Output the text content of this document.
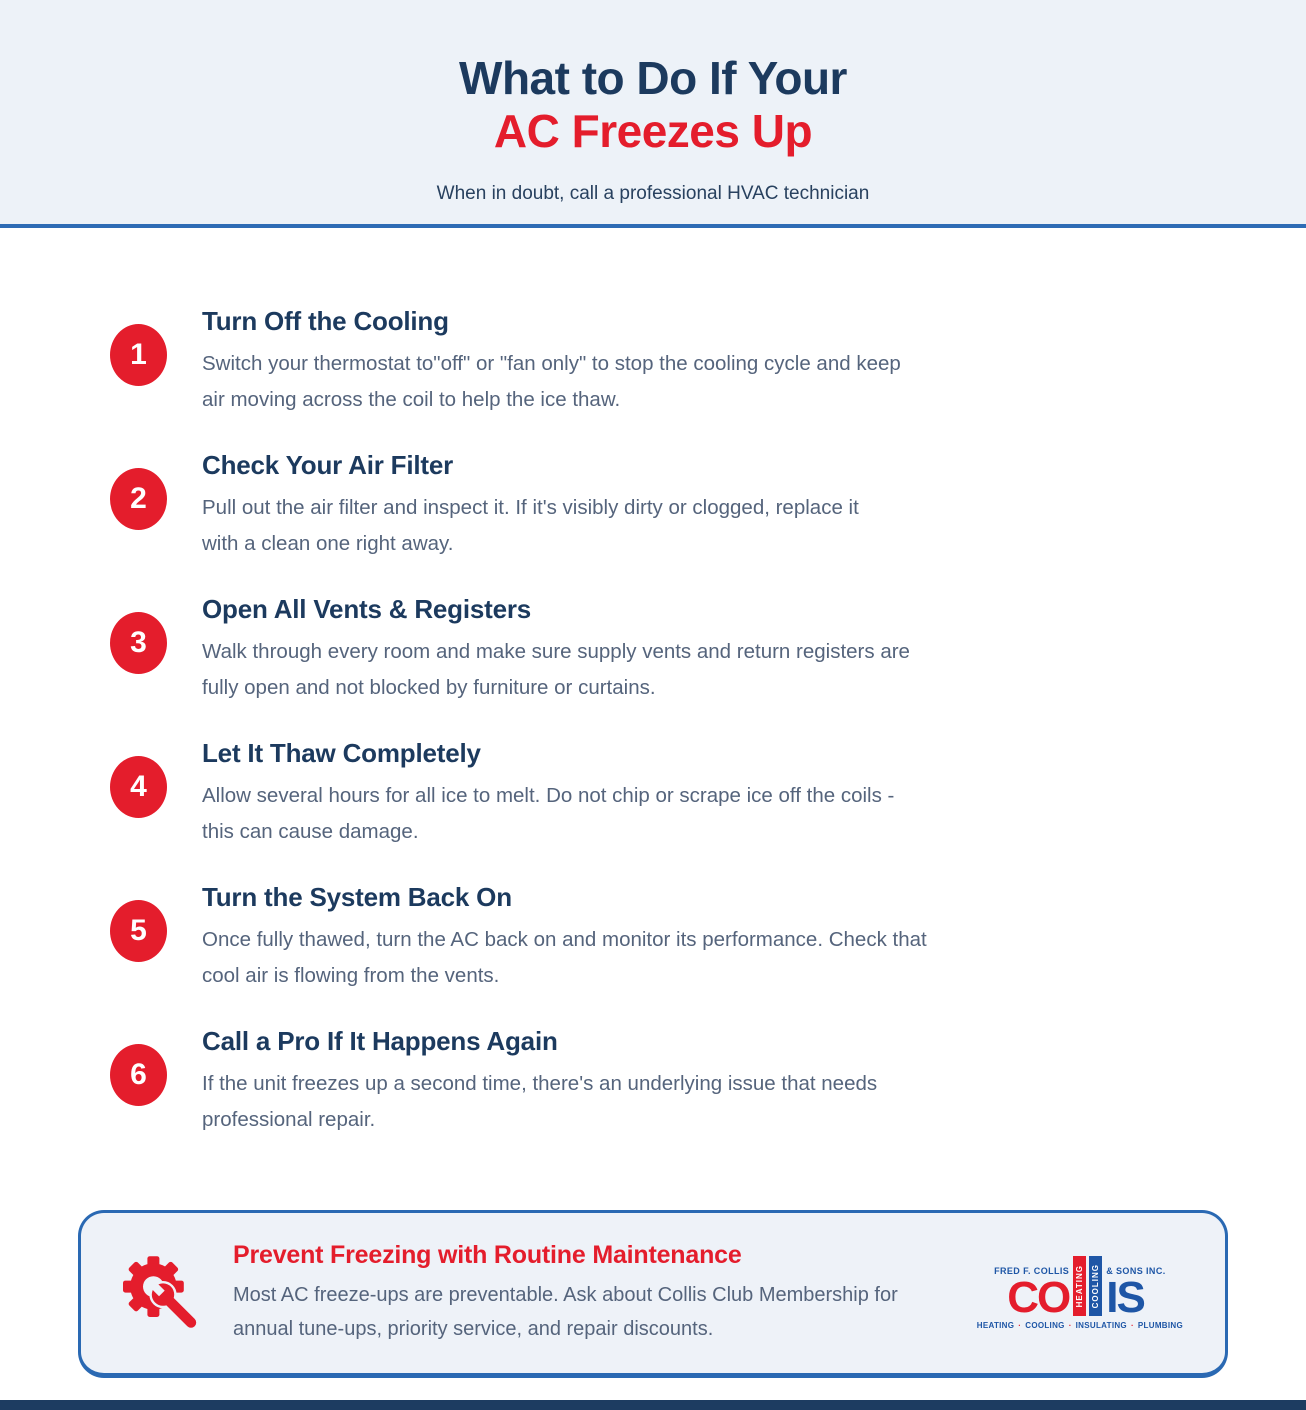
What to Do If Your
AC Freezes Up

When in doubt, call a professional HVAC technician

1
Turn Off the Cooling

Switch your thermostat to"off" or "fan only" to stop the cooling cycle and keep
air moving across the coil to help the ice thaw.

2
Check Your Air Filter

Pull out the air filter and inspect it. If it's visibly dirty or clogged, replace it
with a clean one right away.

3
Open All Vents & Registers

Walk through every room and make sure supply vents and return registers are
fully open and not blocked by furniture or curtains.

4
Let It Thaw Completely

Allow several hours for all ice to melt. Do not chip or scrape ice off the coils -
this can cause damage.

5
Turn the System Back On

Once fully thawed, turn the AC back on and monitor its performance. Check that
cool air is flowing from the vents.

6
Call a Pro If It Happens Again

If the unit freezes up a second time, there's an underlying issue that needs
professional repair.

Prevent Freezing with Routine Maintenance

Most AC freeze-ups are preventable. Ask about Collis Club Membership for
annual tune-ups, priority service, and repair discounts.

FRED F. COLLIS
CO HEATING COOLING & SONS INC.
IS
HEATING · COOLING · INSULATING · PLUMBING
